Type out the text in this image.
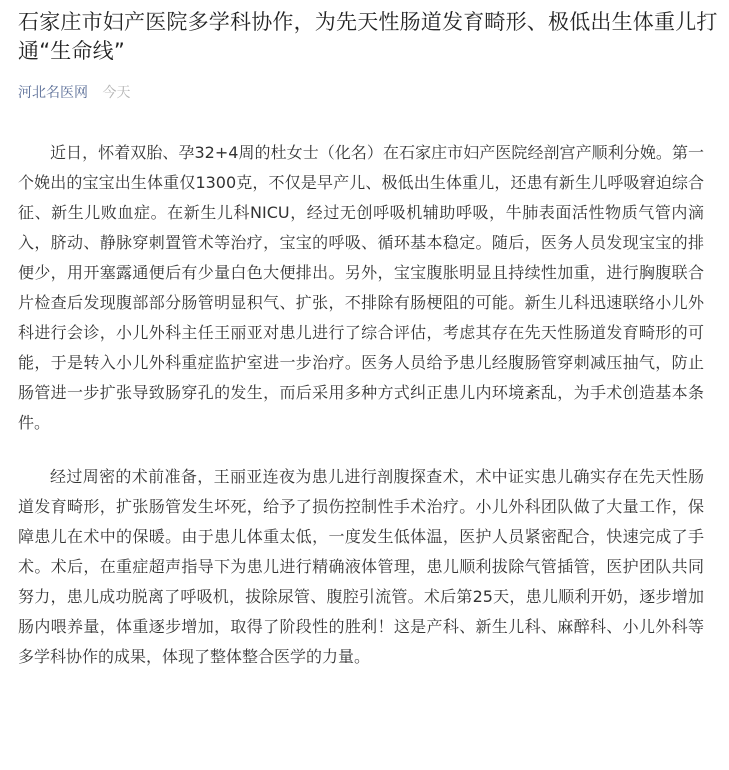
石家庄市妇产医院多学科协作，为先天性肠道发育畸形、极低出生体重儿打通“生命线”
河北名医网 今天

近日，怀着双胎、孕32+4周的杜女士（化名）在石家庄市妇产医院经剖宫产顺利分娩。第一个娩出的宝宝出生体重仅1300克，不仅是早产儿、极低出生体重儿，还患有新生儿呼吸窘迫综合征、新生儿败血症。在新生儿科NICU，经过无创呼吸机辅助呼吸，牛肺表面活性物质气管内滴入，脐动、静脉穿刺置管术等治疗，宝宝的呼吸、循环基本稳定。随后，医务人员发现宝宝的排便少，用开塞露通便后有少量白色大便排出。另外，宝宝腹胀明显且持续性加重，进行胸腹联合片检查后发现腹部部分肠管明显积气、扩张，不排除有肠梗阻的可能。新生儿科迅速联络小儿外科进行会诊，小儿外科主任王丽亚对患儿进行了综合评估，考虑其存在先天性肠道发育畸形的可能，于是转入小儿外科重症监护室进一步治疗。医务人员给予患儿经腹肠管穿刺减压抽气，防止肠管进一步扩张导致肠穿孔的发生，而后采用多种方式纠正患儿内环境紊乱，为手术创造基本条件。

经过周密的术前准备，王丽亚连夜为患儿进行剖腹探查术，术中证实患儿确实存在先天性肠道发育畸形，扩张肠管发生坏死，给予了损伤控制性手术治疗。小儿外科团队做了大量工作，保障患儿在术中的保暖。由于患儿体重太低，一度发生低体温，医护人员紧密配合，快速完成了手术。术后，在重症超声指导下为患儿进行精确液体管理，患儿顺利拔除气管插管，医护团队共同努力，患儿成功脱离了呼吸机，拔除尿管、腹腔引流管。术后第25天，患儿顺利开奶，逐步增加肠内喂养量，体重逐步增加，取得了阶段性的胜利！这是产科、新生儿科、麻醉科、小儿外科等多学科协作的成果，体现了整体整合医学的力量。
